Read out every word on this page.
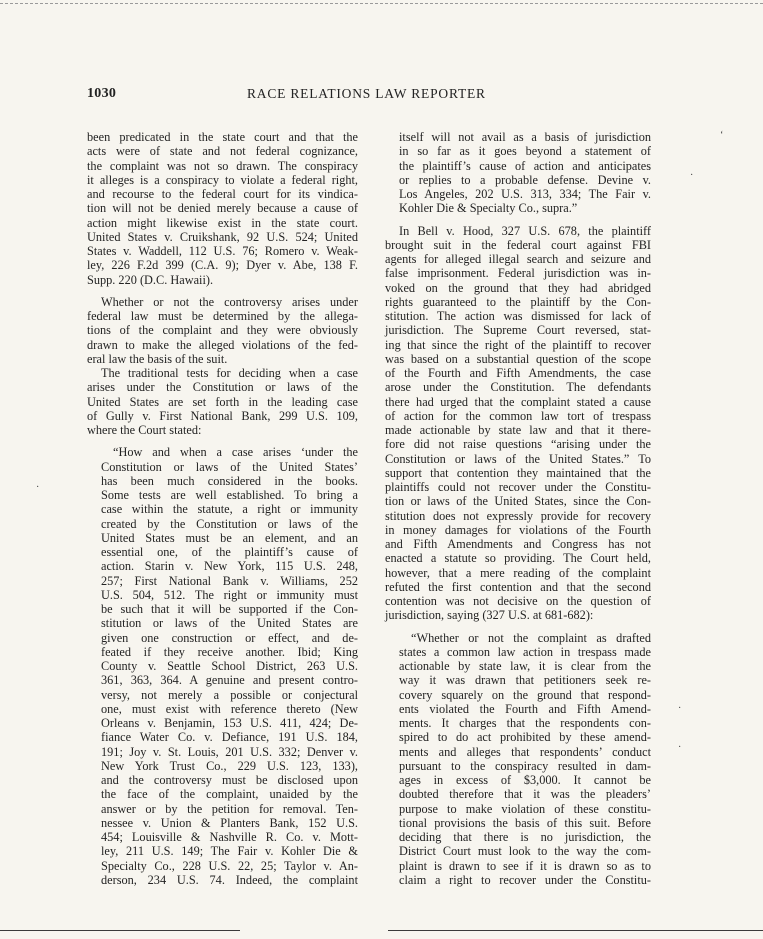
1030	RACE RELATIONS LAW REPORTER
been predicated in the state court and that the
acts were of state and not federal cognizance,
the complaint was not so drawn. The conspiracy
it alleges is a conspiracy to violate a federal right,
and recourse to the federal court for its vindica-
tion will not be denied merely because a cause of
action might likewise exist in the state court.
United States v. Cruikshank, 92 U.S. 524; United
States v. Waddell, 112 U.S. 76; Romero v. Weak-
ley, 226 F.2d 399 (C.A. 9); Dyer v. Abe, 138 F.
Supp. 220 (D.C. Hawaii).
Whether or not the controversy arises under
federal law must be determined by the allega-
tions of the complaint and they were obviously
drawn to make the alleged violations of the fed-
eral law the basis of the suit.
The traditional tests for deciding when a case
arises under the Constitution or laws of the
United States are set forth in the leading case
of Gully v. First National Bank, 299 U.S. 109,
where the Court stated:
“How and when a case arises ‘under the
Constitution or laws of the United States’
has been much considered in the books.
Some tests are well established. To bring a
case within the statute, a right or immunity
created by the Constitution or laws of the
United States must be an element, and an
essential one, of the plaintiff’s cause of
action. Starin v. New York, 115 U.S. 248,
257; First National Bank v. Williams, 252
U.S. 504, 512. The right or immunity must
be such that it will be supported if the Con-
stitution or laws of the United States are
given one construction or effect, and de-
feated if they receive another. Ibid; King
County v. Seattle School District, 263 U.S.
361, 363, 364. A genuine and present contro-
versy, not merely a possible or conjectural
one, must exist with reference thereto (New
Orleans v. Benjamin, 153 U.S. 411, 424; De-
fiance Water Co. v. Defiance, 191 U.S. 184,
191; Joy v. St. Louis, 201 U.S. 332; Denver v.
New York Trust Co., 229 U.S. 123, 133),
and the controversy must be disclosed upon
the face of the complaint, unaided by the
answer or by the petition for removal. Ten-
nessee v. Union & Planters Bank, 152 U.S.
454; Louisville & Nashville R. Co. v. Mott-
ley, 211 U.S. 149; The Fair v. Kohler Die &
Specialty Co., 228 U.S. 22, 25; Taylor v. An-
derson, 234 U.S. 74. Indeed, the complaint
itself will not avail as a basis of jurisdiction
in so far as it goes beyond a statement of
the plaintiff’s cause of action and anticipates
or replies to a probable defense. Devine v.
Los Angeles, 202 U.S. 313, 334; The Fair v.
Kohler Die & Specialty Co., supra.”
In Bell v. Hood, 327 U.S. 678, the plaintiff
brought suit in the federal court against FBI
agents for alleged illegal search and seizure and
false imprisonment. Federal jurisdiction was in-
voked on the ground that they had abridged
rights guaranteed to the plaintiff by the Con-
stitution. The action was dismissed for lack of
jurisdiction. The Supreme Court reversed, stat-
ing that since the right of the plaintiff to recover
was based on a substantial question of the scope
of the Fourth and Fifth Amendments, the case
arose under the Constitution. The defendants
there had urged that the complaint stated a cause
of action for the common law tort of trespass
made actionable by state law and that it there-
fore did not raise questions “arising under the
Constitution or laws of the United States.” To
support that contention they maintained that the
plaintiffs could not recover under the Constitu-
tion or laws of the United States, since the Con-
stitution does not expressly provide for recovery
in money damages for violations of the Fourth
and Fifth Amendments and Congress has not
enacted a statute so providing. The Court held,
however, that a mere reading of the complaint
refuted the first contention and that the second
contention was not decisive on the question of
jurisdiction, saying (327 U.S. at 681-682):
“Whether or not the complaint as drafted
states a common law action in trespass made
actionable by state law, it is clear from the
way it was drawn that petitioners seek re-
covery squarely on the ground that respond-
ents violated the Fourth and Fifth Amend-
ments. It charges that the respondents con-
spired to do act prohibited by these amend-
ments and alleges that respondents’ conduct
pursuant to the conspiracy resulted in dam-
ages in excess of $3,000. It cannot be
doubted therefore that it was the pleaders’
purpose to make violation of these constitu-
tional provisions the basis of this suit. Before
deciding that there is no jurisdiction, the
District Court must look to the way the com-
plaint is drawn to see if it is drawn so as to
claim a right to recover under the Constitu-
‘
·
·
·
·
